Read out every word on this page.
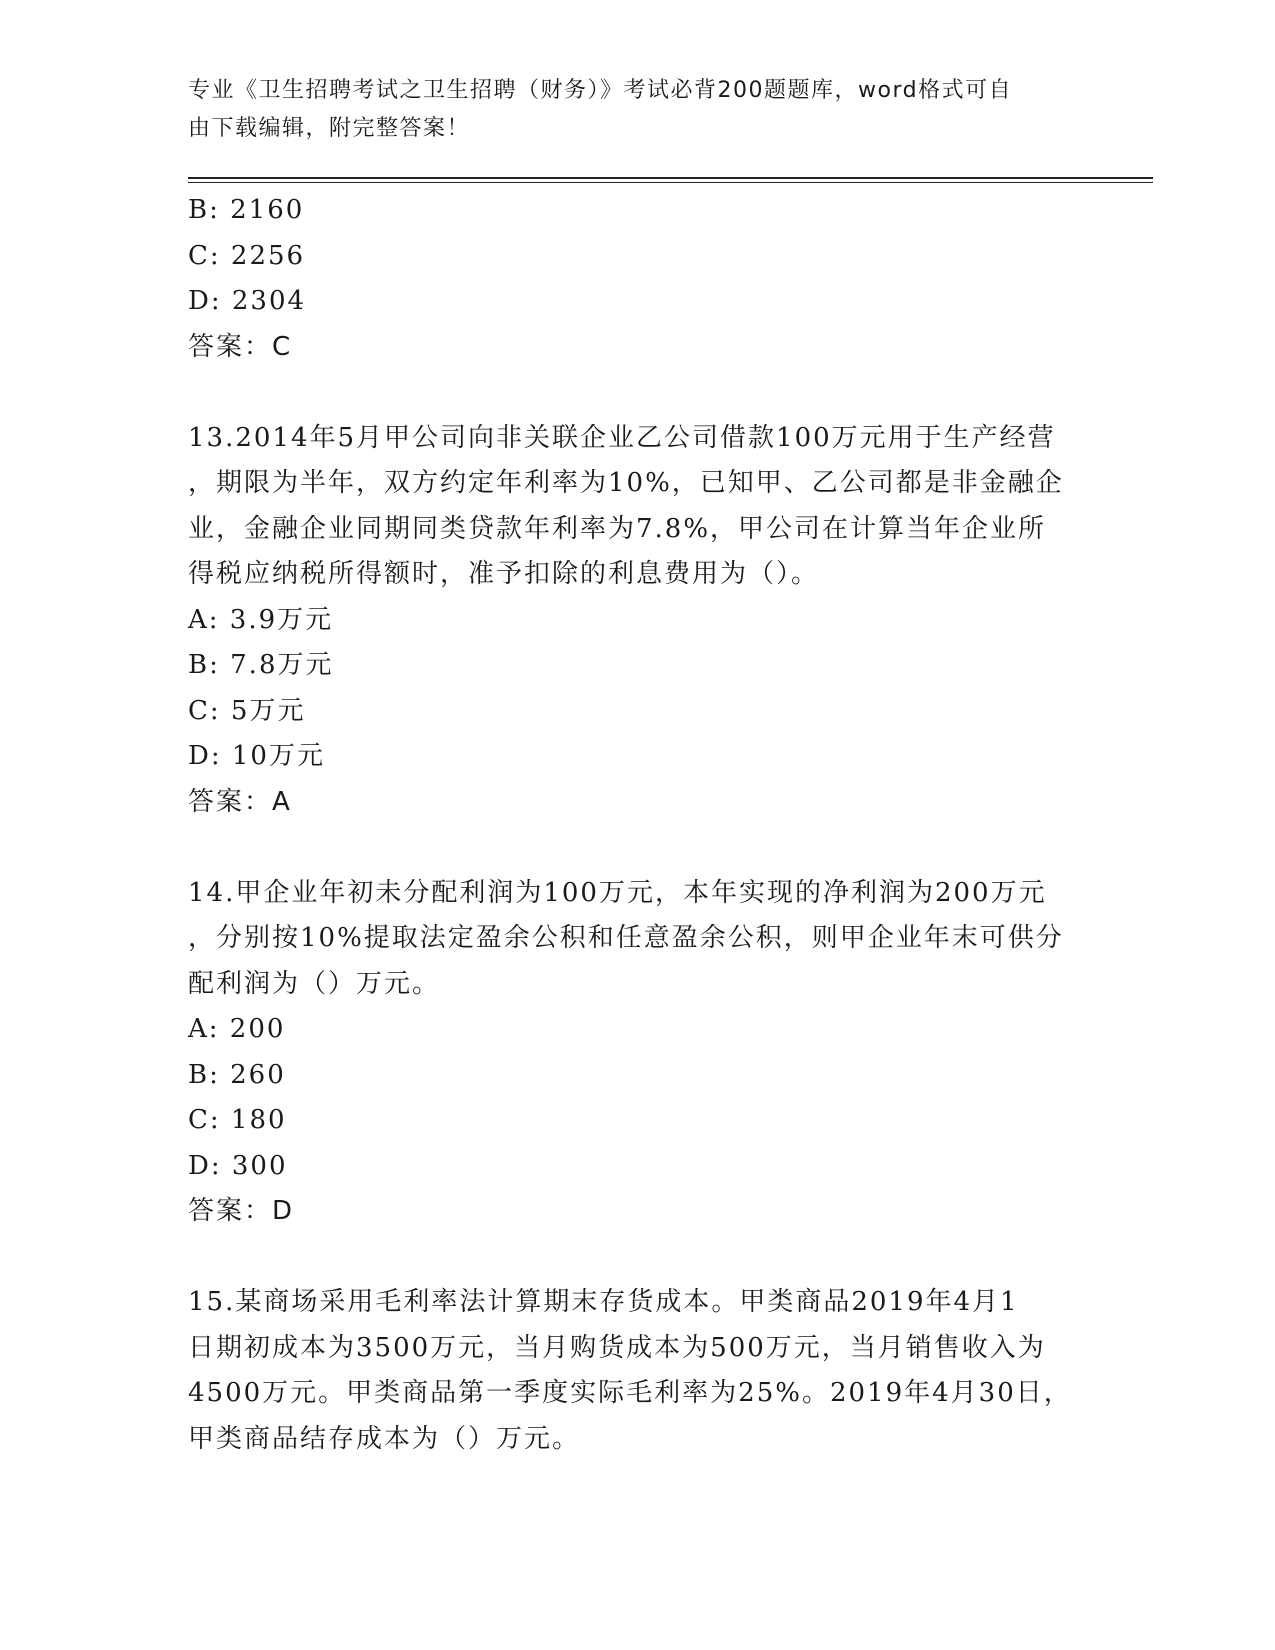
专业《卫生招聘考试之卫生招聘（财务）》考试必背200题题库，word格式可自
由下载编辑，附完整答案！
B: 2160
C: 2256
D: 2304
答案：C
13.2014年5月甲公司向非关联企业乙公司借款100万元用于生产经营
，期限为半年，双方约定年利率为10%，已知甲、乙公司都是非金融企
业，金融企业同期同类贷款年利率为7.8%，甲公司在计算当年企业所
得税应纳税所得额时，准予扣除的利息费用为（）。
A: 3.9万元
B: 7.8万元
C: 5万元
D: 10万元
答案：A
14.甲企业年初未分配利润为100万元，本年实现的净利润为200万元
，分别按10%提取法定盈余公积和任意盈余公积，则甲企业年末可供分
配利润为（）万元。
A: 200
B: 260
C: 180
D: 300
答案：D
15.某商场采用毛利率法计算期末存货成本。甲类商品2019年4月1
日期初成本为3500万元，当月购货成本为500万元，当月销售收入为
4500万元。甲类商品第一季度实际毛利率为25%。2019年4月30日，
甲类商品结存成本为（）万元。
